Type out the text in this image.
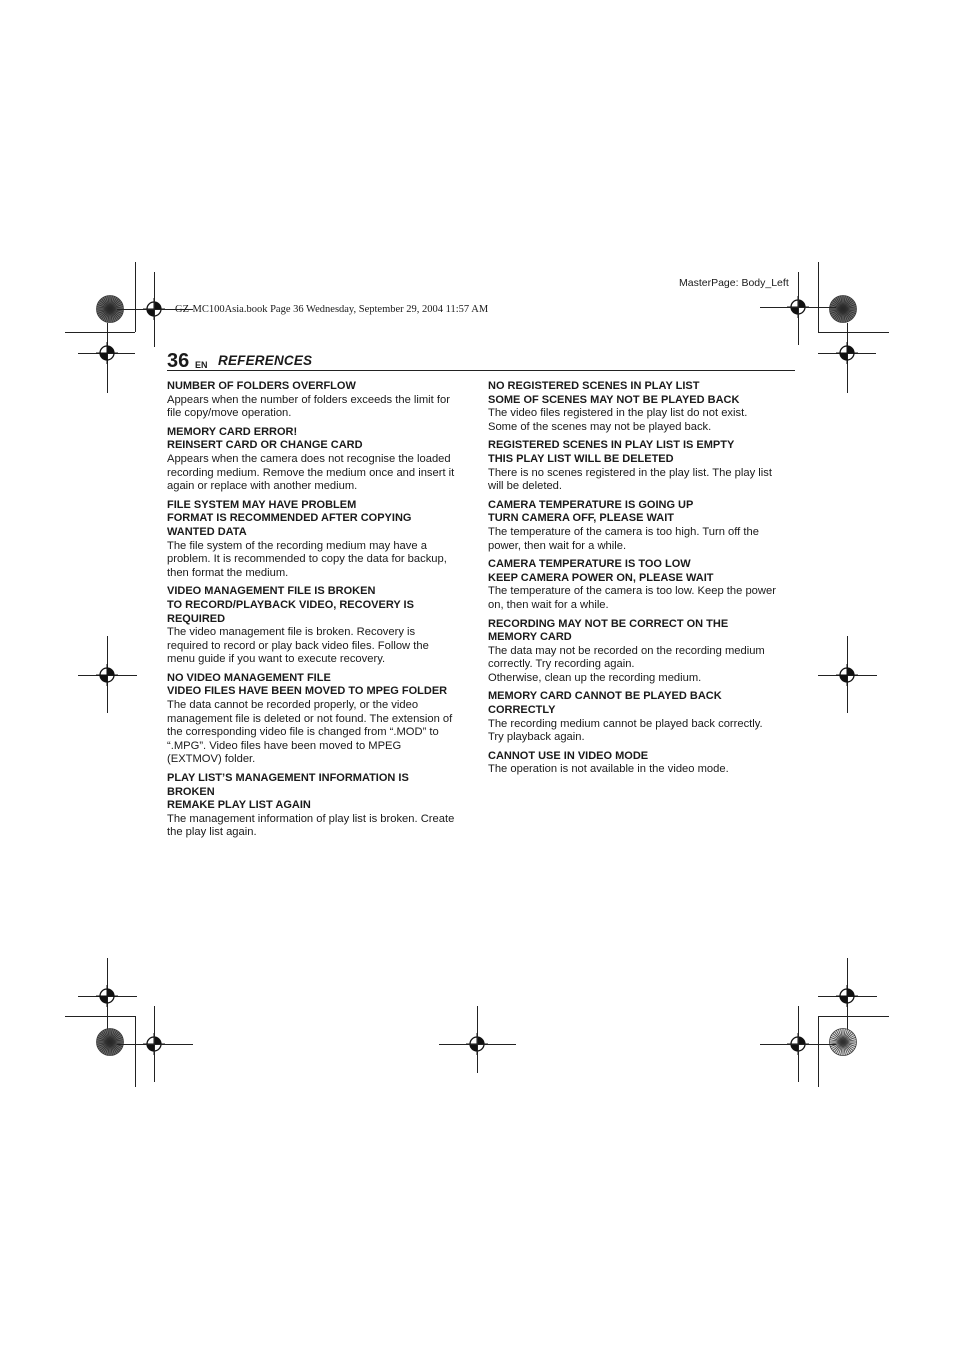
MasterPage: Body_Left
GZ-MC100Asia.book Page 36 Wednesday, September 29, 2004 11:57 AM
36 EN REFERENCES
NUMBER OF FOLDERS OVERFLOW
Appears when the number of folders exceeds the limit for
file copy/move operation.
MEMORY CARD ERROR!
REINSERT CARD OR CHANGE CARD
Appears when the camera does not recognise the loaded
recording medium. Remove the medium once and insert it
again or replace with another medium.
FILE SYSTEM MAY HAVE PROBLEM
FORMAT IS RECOMMENDED AFTER COPYING
WANTED DATA
The file system of the recording medium may have a
problem. It is recommended to copy the data for backup,
then format the medium.
VIDEO MANAGEMENT FILE IS BROKEN
TO RECORD/PLAYBACK VIDEO, RECOVERY IS
REQUIRED
The video management file is broken. Recovery is
required to record or play back video files. Follow the
menu guide if you want to execute recovery.
NO VIDEO MANAGEMENT FILE
VIDEO FILES HAVE BEEN MOVED TO MPEG FOLDER
The data cannot be recorded properly, or the video
management file is deleted or not found. The extension of
the corresponding video file is changed from “.MOD” to
“.MPG”. Video files have been moved to MPEG
(EXTMOV) folder.
PLAY LIST’S MANAGEMENT INFORMATION IS
BROKEN
REMAKE PLAY LIST AGAIN
The management information of play list is broken. Create
the play list again.
NO REGISTERED SCENES IN PLAY LIST
SOME OF SCENES MAY NOT BE PLAYED BACK
The video files registered in the play list do not exist.
Some of the scenes may not be played back.
REGISTERED SCENES IN PLAY LIST IS EMPTY
THIS PLAY LIST WILL BE DELETED
There is no scenes registered in the play list. The play list
will be deleted.
CAMERA TEMPERATURE IS GOING UP
TURN CAMERA OFF, PLEASE WAIT
The temperature of the camera is too high. Turn off the
power, then wait for a while.
CAMERA TEMPERATURE IS TOO LOW
KEEP CAMERA POWER ON, PLEASE WAIT
The temperature of the camera is too low. Keep the power
on, then wait for a while.
RECORDING MAY NOT BE CORRECT ON THE
MEMORY CARD
The data may not be recorded on the recording medium
correctly. Try recording again.
Otherwise, clean up the recording medium.
MEMORY CARD CANNOT BE PLAYED BACK
CORRECTLY
The recording medium cannot be played back correctly.
Try playback again.
CANNOT USE IN VIDEO MODE
The operation is not available in the video mode.
